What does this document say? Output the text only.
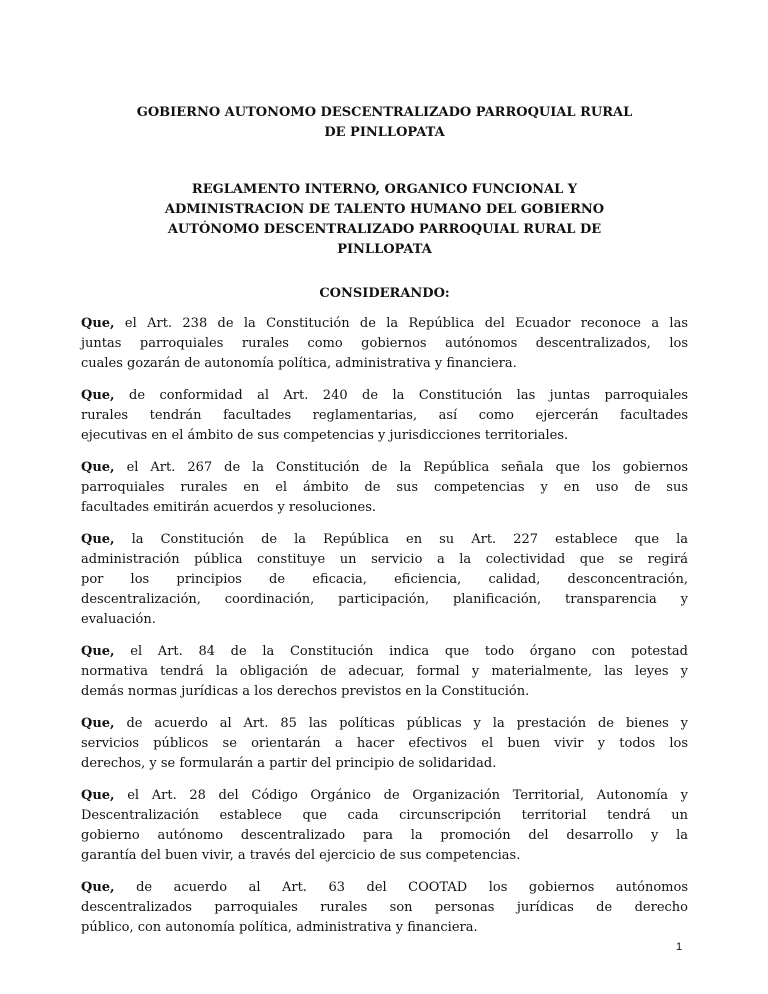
GOBIERNO AUTONOMO DESCENTRALIZADO PARROQUIAL RURAL
DE PINLLOPATA
REGLAMENTO INTERNO, ORGANICO FUNCIONAL Y
ADMINISTRACION DE TALENTO HUMANO DEL GOBIERNO
AUTÓNOMO DESCENTRALIZADO PARROQUIAL RURAL DE
PINLLOPATA
CONSIDERANDO:
Que, el Art. 238 de la Constitución de la República del Ecuador reconoce a las
juntas parroquiales rurales como gobiernos autónomos descentralizados, los
cuales gozarán de autonomía política, administrativa y financiera.
Que, de conformidad al Art. 240 de la Constitución las juntas parroquiales
rurales tendrán facultades reglamentarias, así como ejercerán facultades
ejecutivas en el ámbito de sus competencias y jurisdicciones territoriales.
Que, el Art. 267 de la Constitución de la República señala que los gobiernos
parroquiales rurales en el ámbito de sus competencias y en uso de sus
facultades emitirán acuerdos y resoluciones.
Que, la Constitución de la República en su Art. 227 establece que la
administración pública constituye un servicio a la colectividad que se regirá
por los principios de eficacia, eficiencia, calidad, desconcentración,
descentralización, coordinación, participación, planificación, transparencia y
evaluación.
Que, el Art. 84 de la Constitución indica que todo órgano con potestad
normativa tendrá la obligación de adecuar, formal y materialmente, las leyes y
demás normas jurídicas a los derechos previstos en la Constitución.
Que, de acuerdo al Art. 85 las políticas públicas y la prestación de bienes y
servicios públicos se orientarán a hacer efectivos el buen vivir y todos los
derechos, y se formularán a partir del principio de solidaridad.
Que, el Art. 28 del Código Orgánico de Organización Territorial, Autonomía y
Descentralización establece que cada circunscripción territorial tendrá un
gobierno autónomo descentralizado para la promoción del desarrollo y la
garantía del buen vivir, a través del ejercicio de sus competencias.
Que, de acuerdo al Art. 63 del COOTAD los gobiernos autónomos
descentralizados parroquiales rurales son personas jurídicas de derecho
público, con autonomía política, administrativa y financiera.
1
